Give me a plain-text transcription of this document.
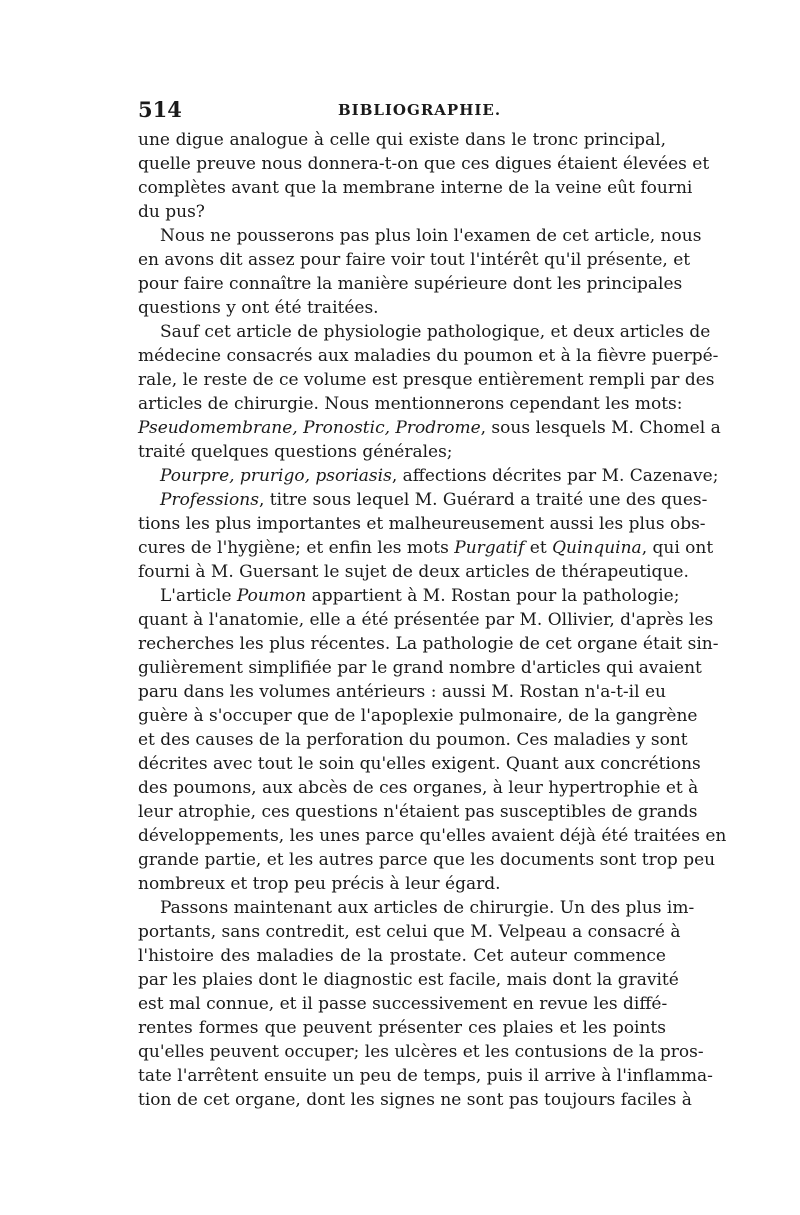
514	BIBLIOGRAPHIE.
une digue analogue à celle qui existe dans le tronc principal,
quelle preuve nous donnera-t-on que ces digues étaient élevées et
complètes avant que la membrane interne de la veine eût fourni
du pus?
Nous ne pousserons pas plus loin l'examen de cet article, nous
en avons dit assez pour faire voir tout l'intérêt qu'il présente, et
pour faire connaître la manière supérieure dont les principales
questions y ont été traitées.
Sauf cet article de physiologie pathologique, et deux articles de
médecine consacrés aux maladies du poumon et à la fièvre puerpé-
rale, le reste de ce volume est presque entièrement rempli par des
articles de chirurgie. Nous mentionnerons cependant les mots:
Pseudomembrane, Pronostic, Prodrome, sous lesquels M. Chomel a
traité quelques questions générales;
Pourpre, prurigo, psoriasis, affections décrites par M. Cazenave;
Professions, titre sous lequel M. Guérard a traité une des ques-
tions les plus importantes et malheureusement aussi les plus obs-
cures de l'hygiène; et enfin les mots Purgatif et Quinquina, qui ont
fourni à M. Guersant le sujet de deux articles de thérapeutique.
L'article Poumon appartient à M. Rostan pour la pathologie;
quant à l'anatomie, elle a été présentée par M. Ollivier, d'après les
recherches les plus récentes. La pathologie de cet organe était sin-
gulièrement simplifiée par le grand nombre d'articles qui avaient
paru dans les volumes antérieurs : aussi M. Rostan n'a-t-il eu
guère à s'occuper que de l'apoplexie pulmonaire, de la gangrène
et des causes de la perforation du poumon. Ces maladies y sont
décrites avec tout le soin qu'elles exigent. Quant aux concrétions
des poumons, aux abcès de ces organes, à leur hypertrophie et à
leur atrophie, ces questions n'étaient pas susceptibles de grands
développements, les unes parce qu'elles avaient déjà été traitées en
grande partie, et les autres parce que les documents sont trop peu
nombreux et trop peu précis à leur égard.
Passons maintenant aux articles de chirurgie. Un des plus im-
portants, sans contredit, est celui que M. Velpeau a consacré à
l'histoire des maladies de la prostate. Cet auteur commence
par les plaies dont le diagnostic est facile, mais dont la gravité
est mal connue, et il passe successivement en revue les diffé-
rentes formes que peuvent présenter ces plaies et les points
qu'elles peuvent occuper; les ulcères et les contusions de la pros-
tate l'arrêtent ensuite un peu de temps, puis il arrive à l'inflamma-
tion de cet organe, dont les signes ne sont pas toujours faciles à
